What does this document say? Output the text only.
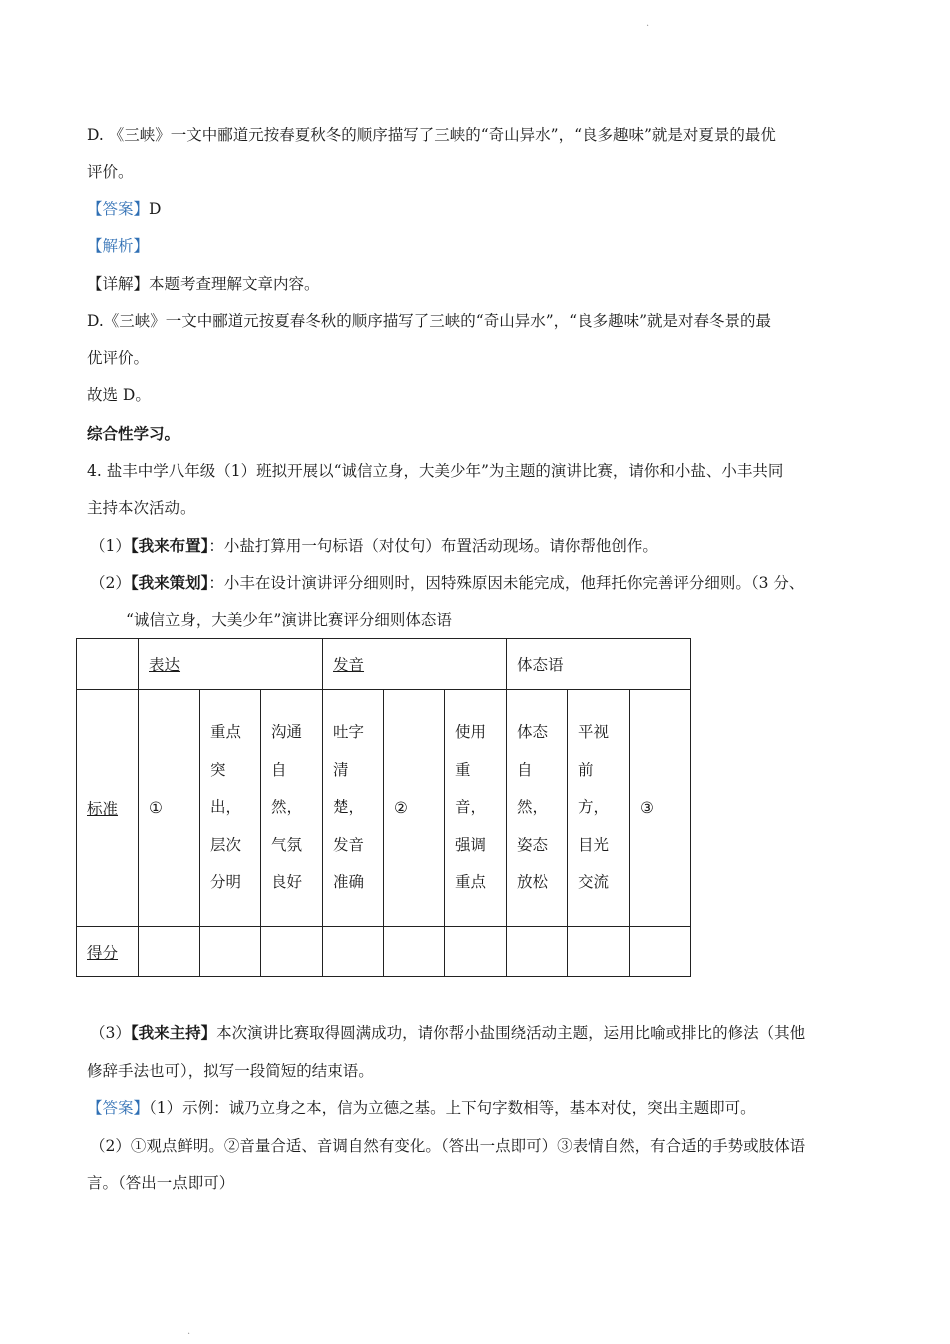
.
D. 《三峡》一文中郦道元按春夏秋冬的顺序描写了三峡的“奇山异水”，“良多趣味”就是对夏景的最优
评价。
【答案】D
【解析】
【详解】本题考查理解文章内容。
D.《三峡》一文中郦道元按夏春冬秋的顺序描写了三峡的“奇山异水”，“良多趣味”就是对春冬景的最
优评价。
故选 D。
综合性学习。
4. 盐丰中学八年级（1）班拟开展以“诚信立身，大美少年”为主题的演讲比赛，请你和小盐、小丰共同
主持本次活动。
（1）【我来布置】：小盐打算用一句标语（对仗句）布置活动现场。请你帮他创作。
（2）【我来策划】：小丰在设计演讲评分细则时，因特殊原因未能完成，他拜托你完善评分细则。（3 分、
“诚信立身，大美少年”演讲比赛评分细则体态语
	表达			发音			体态语		
标准	①	重点突出，层次分明	沟通自然，气氛良好	吐字清楚，发音准确	②	使用重音，强调重点	体态自然，姿态放松	平视前方，目光交流	③
得分									
（3）【我来主持】本次演讲比赛取得圆满成功，请你帮小盐围绕活动主题，运用比喻或排比的修法（其他
修辞手法也可），拟写一段简短的结束语。
【答案】（1）示例：诚乃立身之本，信为立德之基。上下句字数相等，基本对仗，突出主题即可。
（2）①观点鲜明。②音量合适、音调自然有变化。（答出一点即可）③表情自然，有合适的手势或肢体语
言。（答出一点即可）
.
